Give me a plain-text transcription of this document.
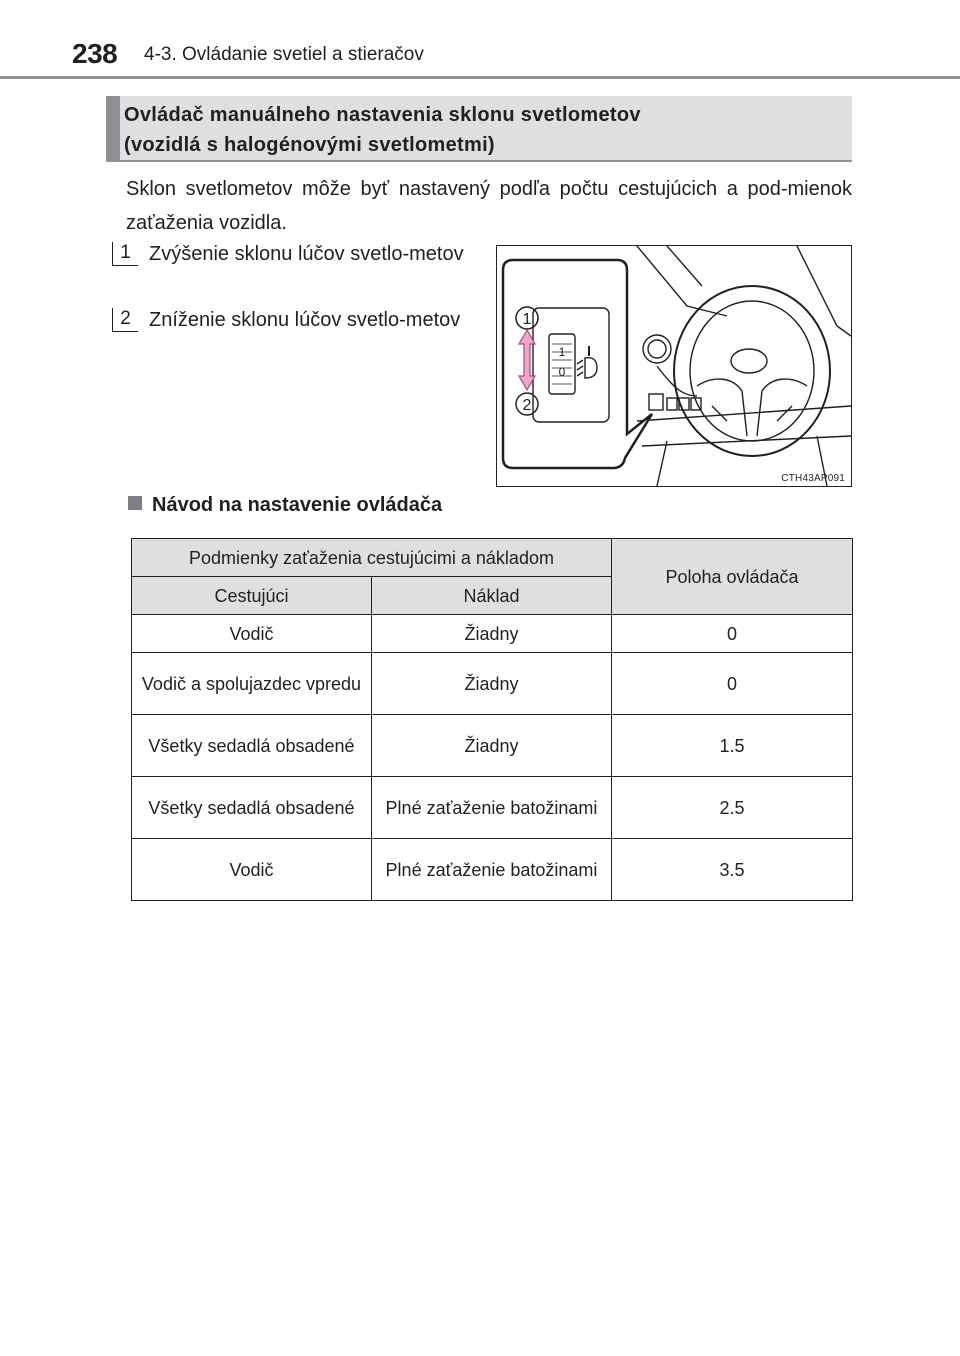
238 4-3. Ovládanie svetiel a stieračov
Ovládač manuálneho nastavenia sklonu svetlometov
(vozidlá s halogénovými svetlometmi)
Sklon svetlometov môže byť nastavený podľa počtu cestujúcich a pod-mienok zaťaženia vozidla.
1 Zvýšenie sklonu lúčov svetlo-metov
2 Zníženie sklonu lúčov svetlo-metov	1
2
1
0
CTH43AP091
Návod na nastavenie ovládača
Podmienky zaťaženia cestujúcimi a nákladom		Poloha ovládača
Cestujúci	Náklad	
Vodič	Žiadny	0
Vodič a spolujazdec vpredu	Žiadny	0
Všetky sedadlá obsadené	Žiadny	1.5
Všetky sedadlá obsadené	Plné zaťaženie batožinami	2.5
Vodič	Plné zaťaženie batožinami	3.5
